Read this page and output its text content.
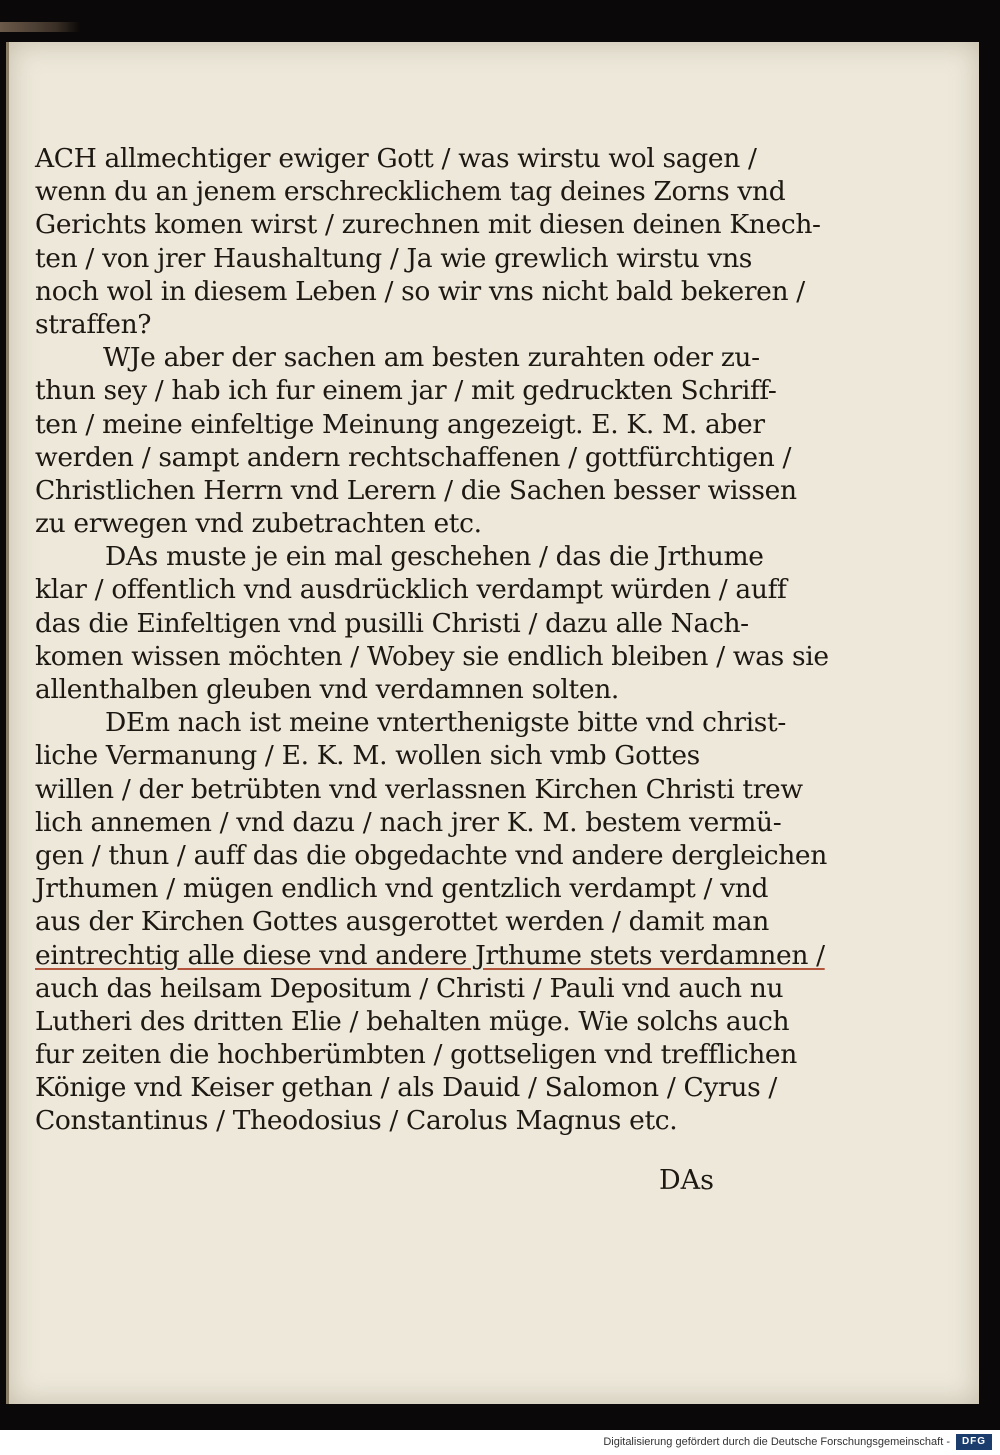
ACH allmechtiger ewiger Gott / was wirstu wol sagen /
wenn du an jenem erschrecklichem tag deines Zorns vnd
Gerichts komen wirst / zurechnen mit diesen deinen Knech-
ten / von jrer Haushaltung / Ja wie grewlich wirstu vns
noch wol in diesem Leben / so wir vns nicht bald bekeren /
straffen?
WJe aber der sachen am besten zurahten oder zu-
thun sey / hab ich fur einem jar / mit gedruckten Schriff-
ten / meine einfeltige Meinung angezeigt. E. K. M. aber
werden / sampt andern rechtschaffenen / gottfürchtigen /
Christlichen Herrn vnd Lerern / die Sachen besser wissen
zu erwegen vnd zubetrachten etc.
DAs muste je ein mal geschehen / das die Jrthume
klar / offentlich vnd ausdrücklich verdampt würden / auff
das die Einfeltigen vnd pusilli Christi / dazu alle Nach-
komen wissen möchten / Wobey sie endlich bleiben / was sie
allenthalben gleuben vnd verdamnen solten.
DEm nach ist meine vnterthenigste bitte vnd christ-
liche Vermanung / E. K. M. wollen sich vmb Gottes
willen / der betrübten vnd verlassnen Kirchen Christi trew
lich annemen / vnd dazu / nach jrer K. M. bestem vermü-
gen / thun / auff das die obgedachte vnd andere dergleichen
Jrthumen / mügen endlich vnd gentzlich verdampt / vnd
aus der Kirchen Gottes ausgerottet werden / damit man
eintrechtig alle diese vnd andere Jrthume stets verdamnen /
auch das heilsam Depositum / Christi / Pauli vnd auch nu
Lutheri des dritten Elie / behalten müge. Wie solchs auch
fur zeiten die hochberümbten / gottseligen vnd trefflichen
Könige vnd Keiser gethan / als Dauid / Salomon / Cyrus /
Constantinus / Theodosius / Carolus Magnus etc.
DAs
Digitalisierung gefördert durch die Deutsche Forschungsgemeinschaft -	DFG
